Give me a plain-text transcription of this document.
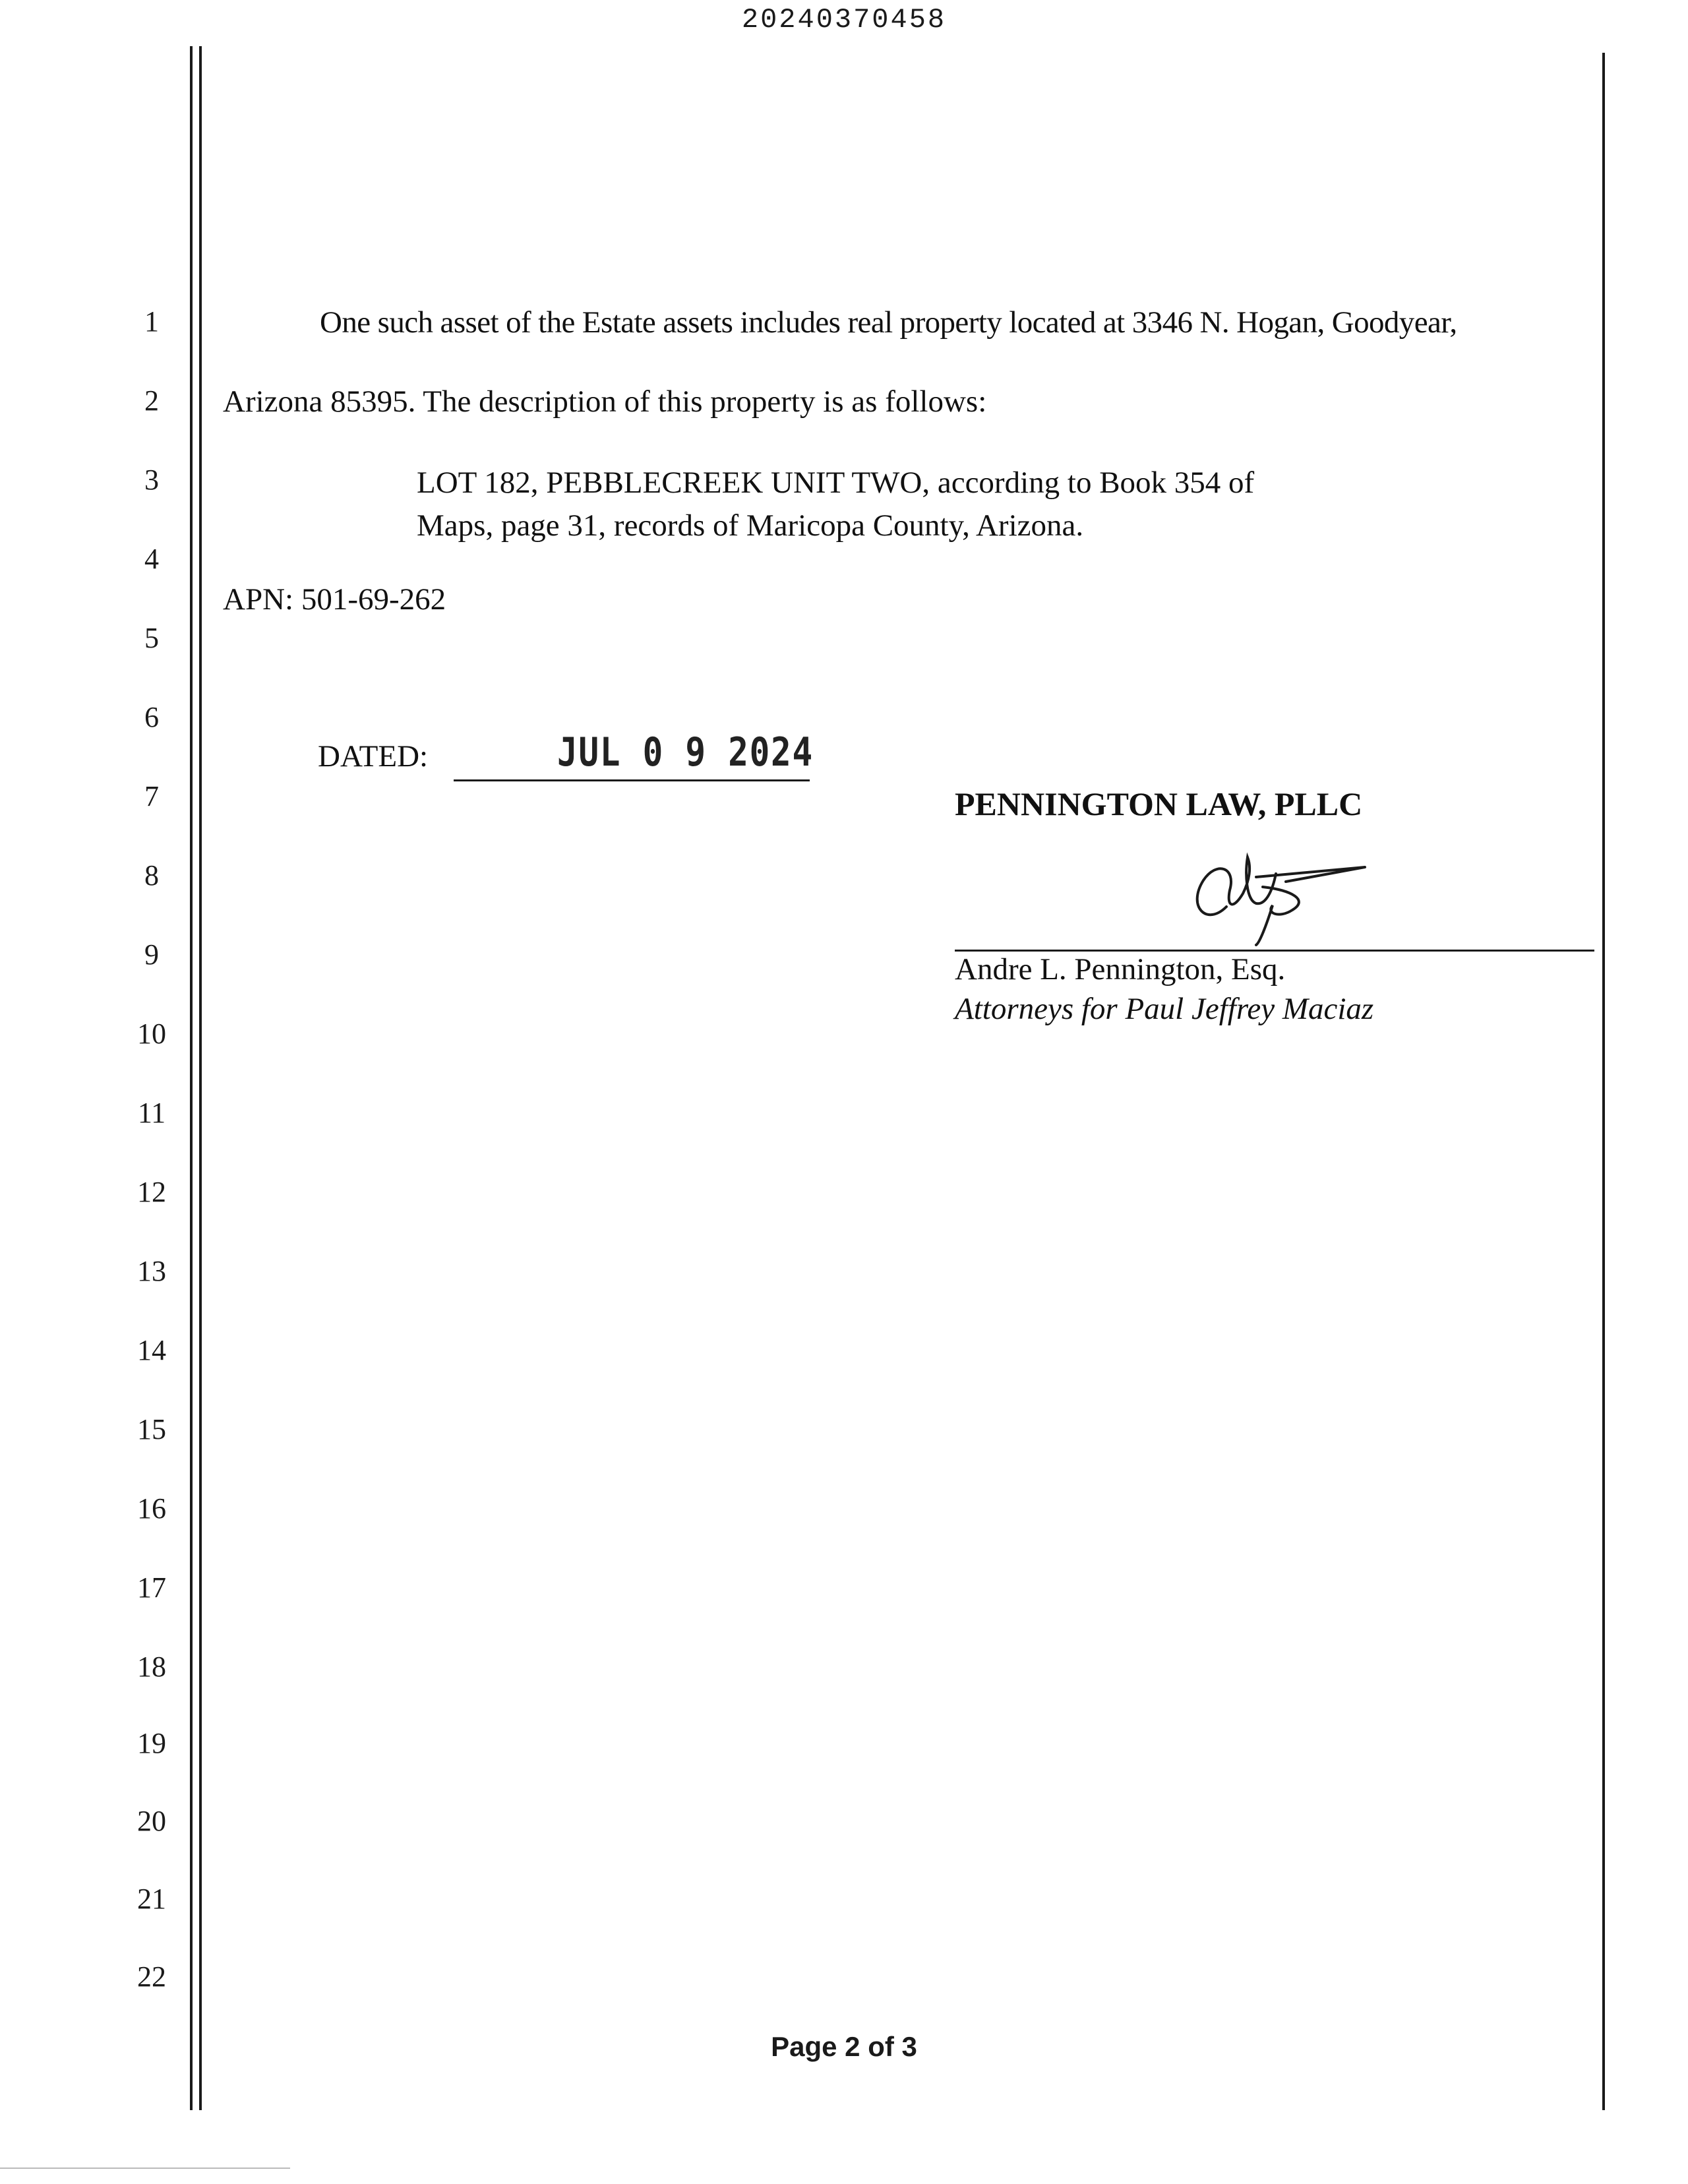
20240370458
1
2
3
4
5
6
7
8
9
10
11
12
13
14
15
16
17
18
19
20
21
22
One such asset of the Estate assets includes real property located at 3346 N. Hogan, Goodyear,
Arizona 85395. The description of this property is as follows:
LOT 182, PEBBLECREEK UNIT TWO, according to Book 354 of
Maps, page 31, records of Maricopa County, Arizona.
APN: 501-69-262
DATED:	JUL 0 9 2024
PENNINGTON LAW, PLLC
Andre L. Pennington, Esq.
Attorneys for Paul Jeffrey Maciaz
Page 2 of 3
